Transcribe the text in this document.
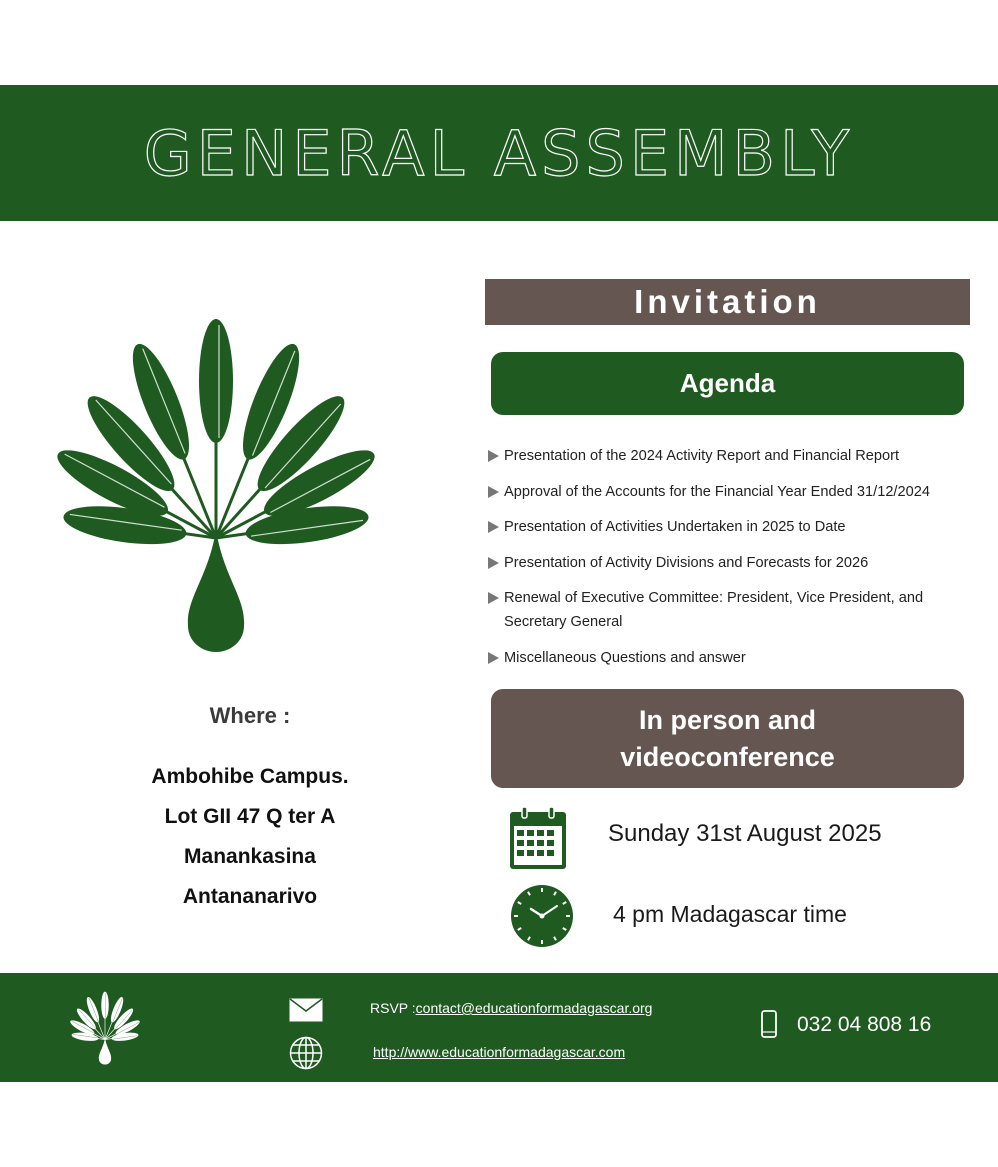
GENERAL ASSEMBLY
Invitation
Agenda
Presentation of the 2024 Activity Report and Financial Report
Approval of the Accounts for the Financial Year Ended 31/12/2024
Presentation of Activities Undertaken in 2025 to Date
Presentation of Activity Divisions and Forecasts for 2026
Renewal of Executive Committee: President, Vice President, and Secretary General
Miscellaneous Questions and answer
In person and
videoconference
Where :
Ambohibe Campus.
Lot GII 47 Q ter A
Manankasina
Antananarivo
Sunday 31st August 2025
4 pm Madagascar time
RSVP :contact@educationformadagascar.org
http://www.educationformadagascar.com
032 04 808 16
